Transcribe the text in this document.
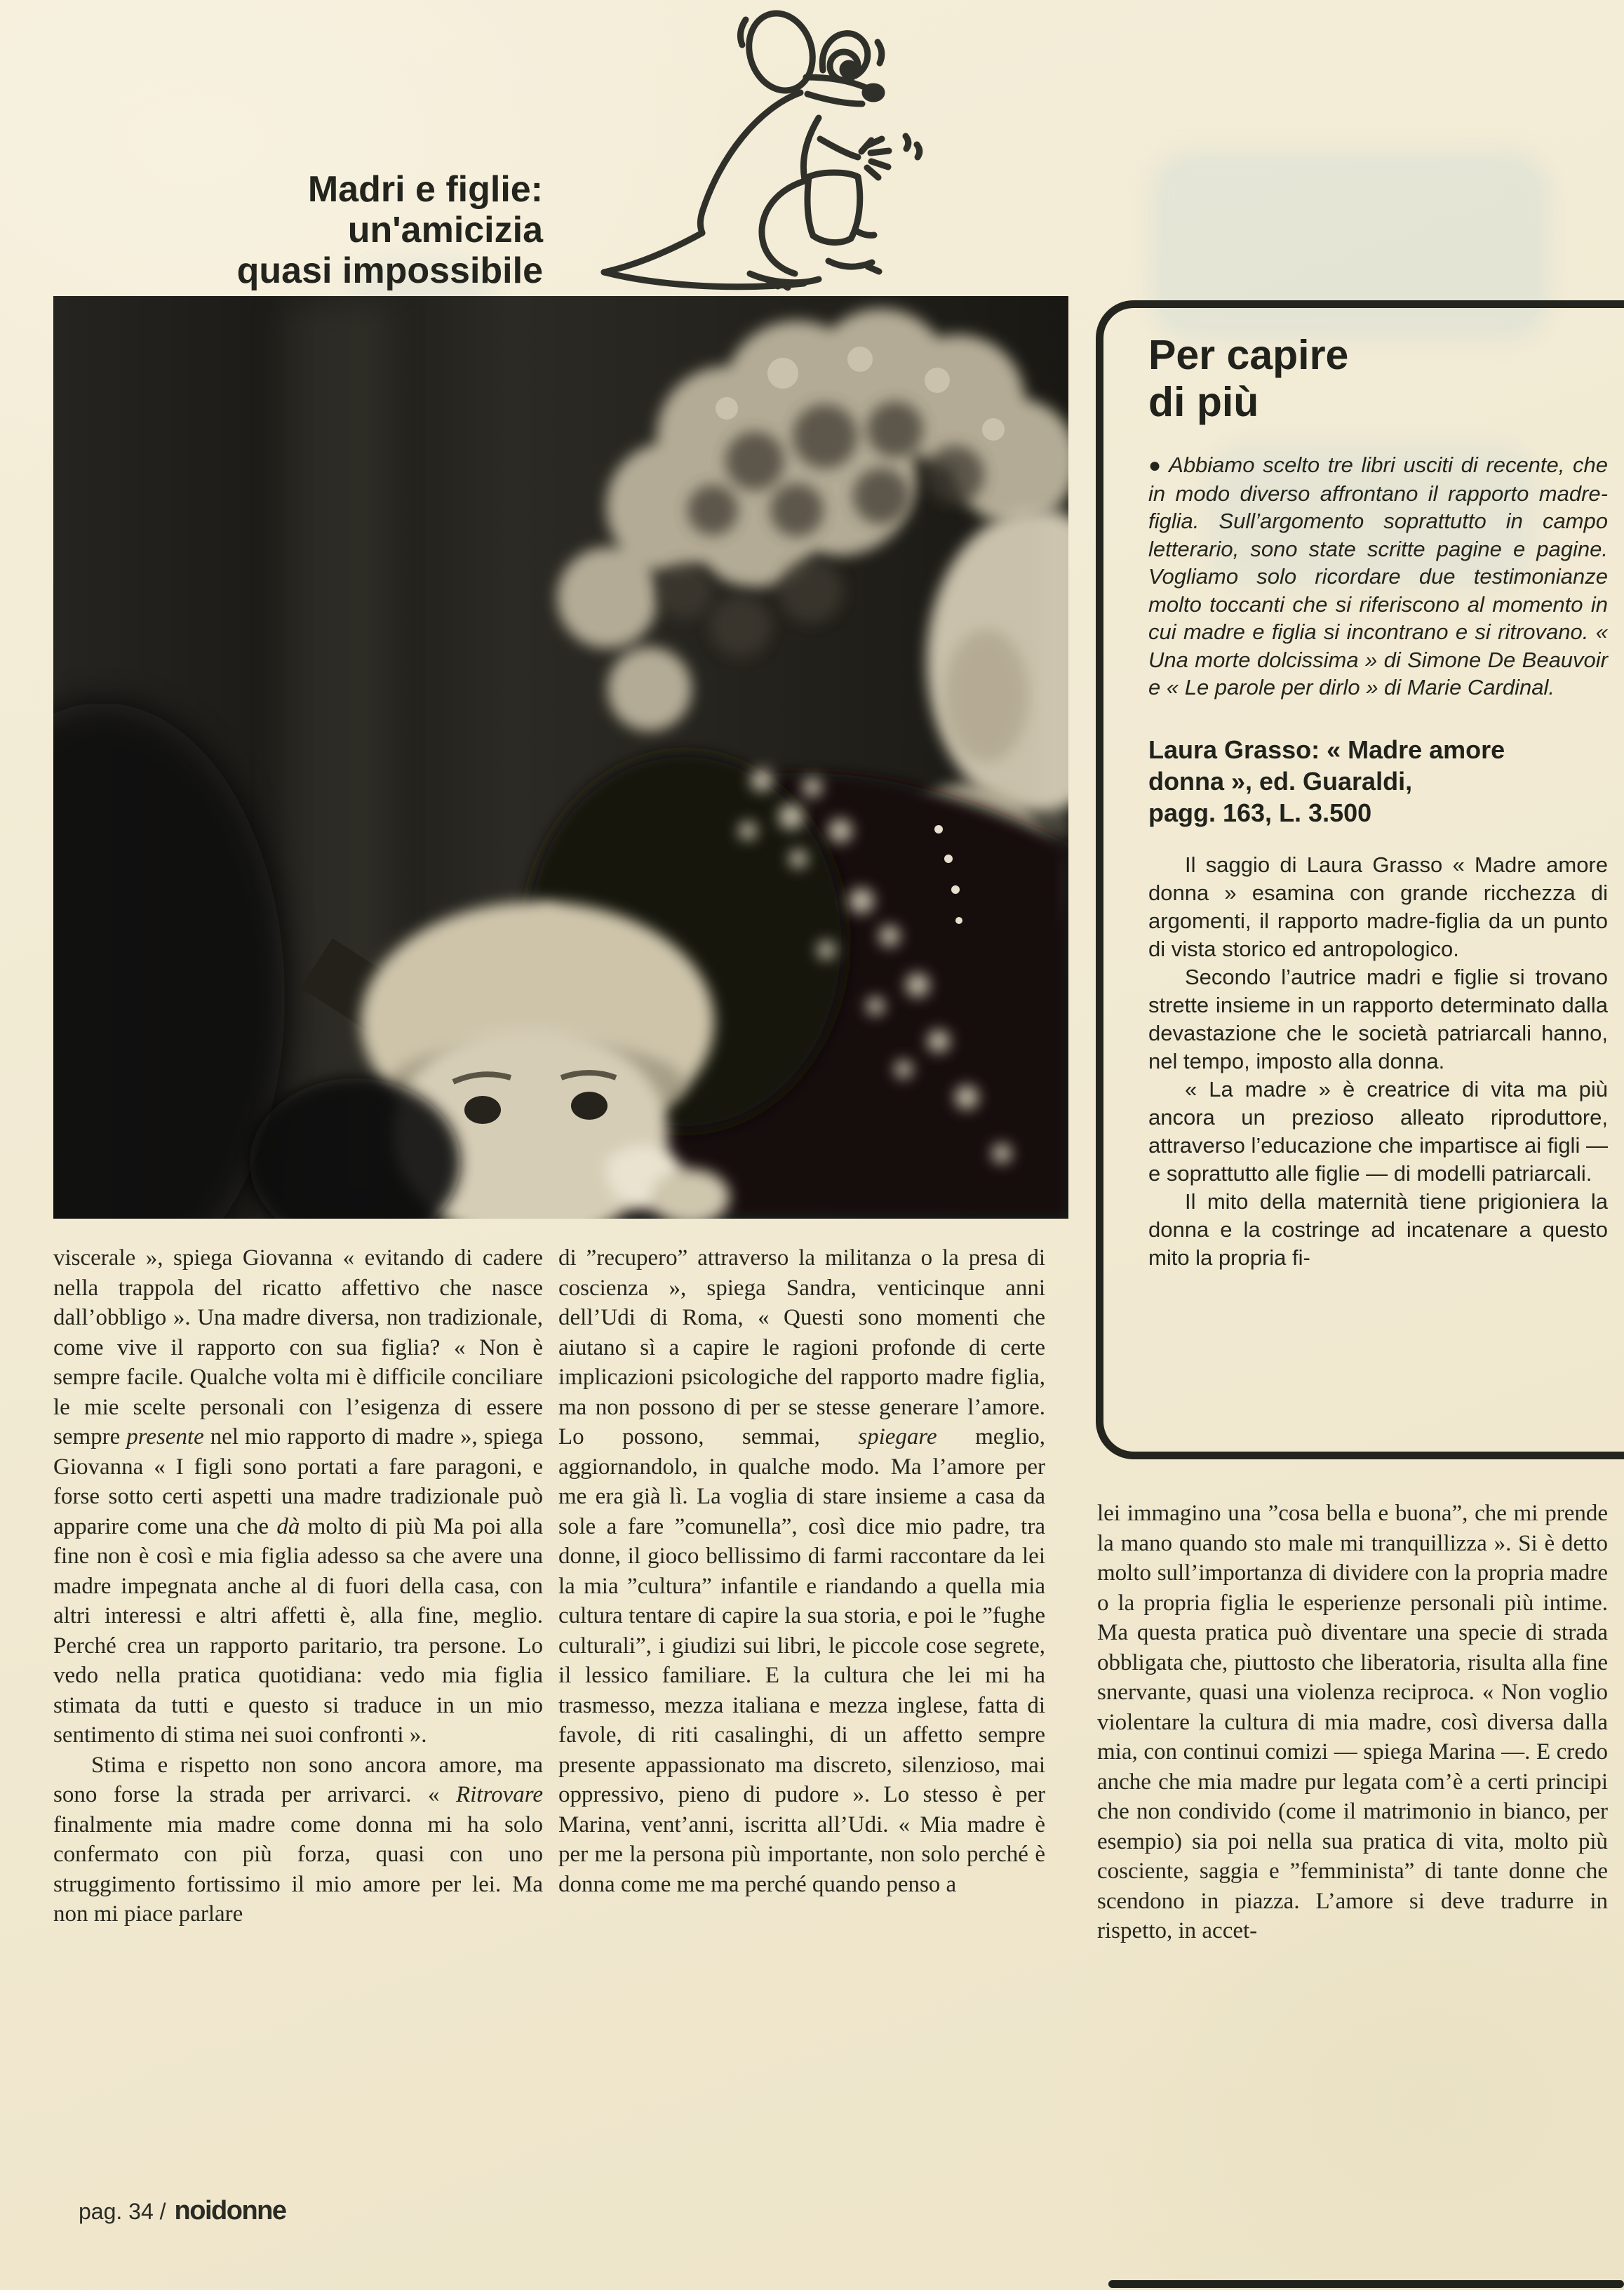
Madri e figlie:
un'amicizia
quasi impossibile
Per capire
di più

●Abbiamo scelto tre libri usciti di recente, che in modo diverso affrontano il rapporto madre-figlia. Sull’argomento soprattutto in campo letterario, sono state scritte pagine e pagine. Vogliamo solo ricordare due testimonianze molto toccanti che si riferiscono al momento in cui madre e figlia si incontrano e si ritrovano. « Una morte dolcissima » di Simone De Beauvoir e « Le parole per dirlo » di Marie Cardinal.

Laura Grasso: « Madre amore
donna », ed. Guaraldi,
pagg. 163, L. 3.500

Il saggio di Laura Grasso « Madre amore donna » esamina con grande ricchezza di argomenti, il rapporto madre-figlia da un punto di vista storico ed antropologico.

Secondo l’autrice madri e figlie si trovano strette insieme in un rapporto determinato dalla devastazione che le società patriarcali hanno, nel tempo, imposto alla donna.

« La madre » è creatrice di vita ma più ancora un prezioso alleato riproduttore, attraverso l’educazione che impartisce ai figli — e soprattutto alle figlie — di modelli patriarcali.

Il mito della maternità tiene prigioniera la donna e la costringe ad incatenare a questo mito la propria fi-

viscerale », spiega Giovanna « evitando di cadere nella trappola del ricatto affettivo che nasce dall’obbligo ». Una madre diversa, non tradizionale, come vive il rapporto con sua figlia? « Non è sempre facile. Qualche volta mi è difficile conciliare le mie scelte personali con l’esigenza di essere sempre presente nel mio rapporto di madre », spiega Giovanna « I figli sono portati a fare paragoni, e forse sotto certi aspetti una madre tradizionale può apparire come una che dà molto di più Ma poi alla fine non è così e mia figlia adesso sa che avere una madre impegnata anche al di fuori della casa, con altri interessi e altri affetti è, alla fine, meglio. Perché crea un rapporto paritario, tra persone. Lo vedo nella pratica quotidiana: vedo mia figlia stimata da tutti e questo si traduce in un mio sentimento di stima nei suoi confronti ».

Stima e rispetto non sono ancora amore, ma sono forse la strada per arrivarci. « Ritrovare finalmente mia madre come donna mi ha solo confermato con più forza, quasi con uno struggimento fortissimo il mio amore per lei. Ma non mi piace parlare

di ”recupero” attraverso la militanza o la presa di coscienza », spiega Sandra, venticinque anni dell’Udi di Roma, « Questi sono momenti che aiutano sì a capire le ragioni profonde di certe implicazioni psicologiche del rapporto madre figlia, ma non possono di per se stesse generare l’amore. Lo possono, semmai, spiegare meglio, aggiornandolo, in qualche modo. Ma l’amore per me era già lì. La voglia di stare insieme a casa da sole a fare ”comunella”, così dice mio padre, tra donne, il gioco bellissimo di farmi raccontare da lei la mia ”cultura” infantile e riandando a quella mia cultura tentare di capire la sua storia, e poi le ”fughe culturali”, i giudizi sui libri, le piccole cose segrete, il lessico familiare. E la cultura che lei mi ha trasmesso, mezza italiana e mezza inglese, fatta di favole, di riti casalinghi, di un affetto sempre presente appassionato ma discreto, silenzioso, mai oppressivo, pieno di pudore ». Lo stesso è per Marina, vent’anni, iscritta all’Udi. « Mia madre è per me la persona più importante, non solo perché è donna come me ma perché quando penso a

lei immagino una ”cosa bella e buona”, che mi prende la mano quando sto male mi tranquillizza ». Si è detto molto sull’importanza di dividere con la propria madre o la propria figlia le esperienze personali più intime. Ma questa pratica può diventare una specie di strada obbligata che, piuttosto che liberatoria, risulta alla fine snervante, quasi una violenza reciproca. « Non voglio violentare la cultura di mia madre, così diversa dalla mia, con continui comizi — spiega Marina —. E credo anche che mia madre pur legata com’è a certi principi che non condivido (come il matrimonio in bianco, per esempio) sia poi nella sua pratica di vita, molto più cosciente, saggia e ”femminista” di tante donne che scendono in piazza. L’amore si deve tradurre in rispetto, in accet-

pag. 34 / noidonne
